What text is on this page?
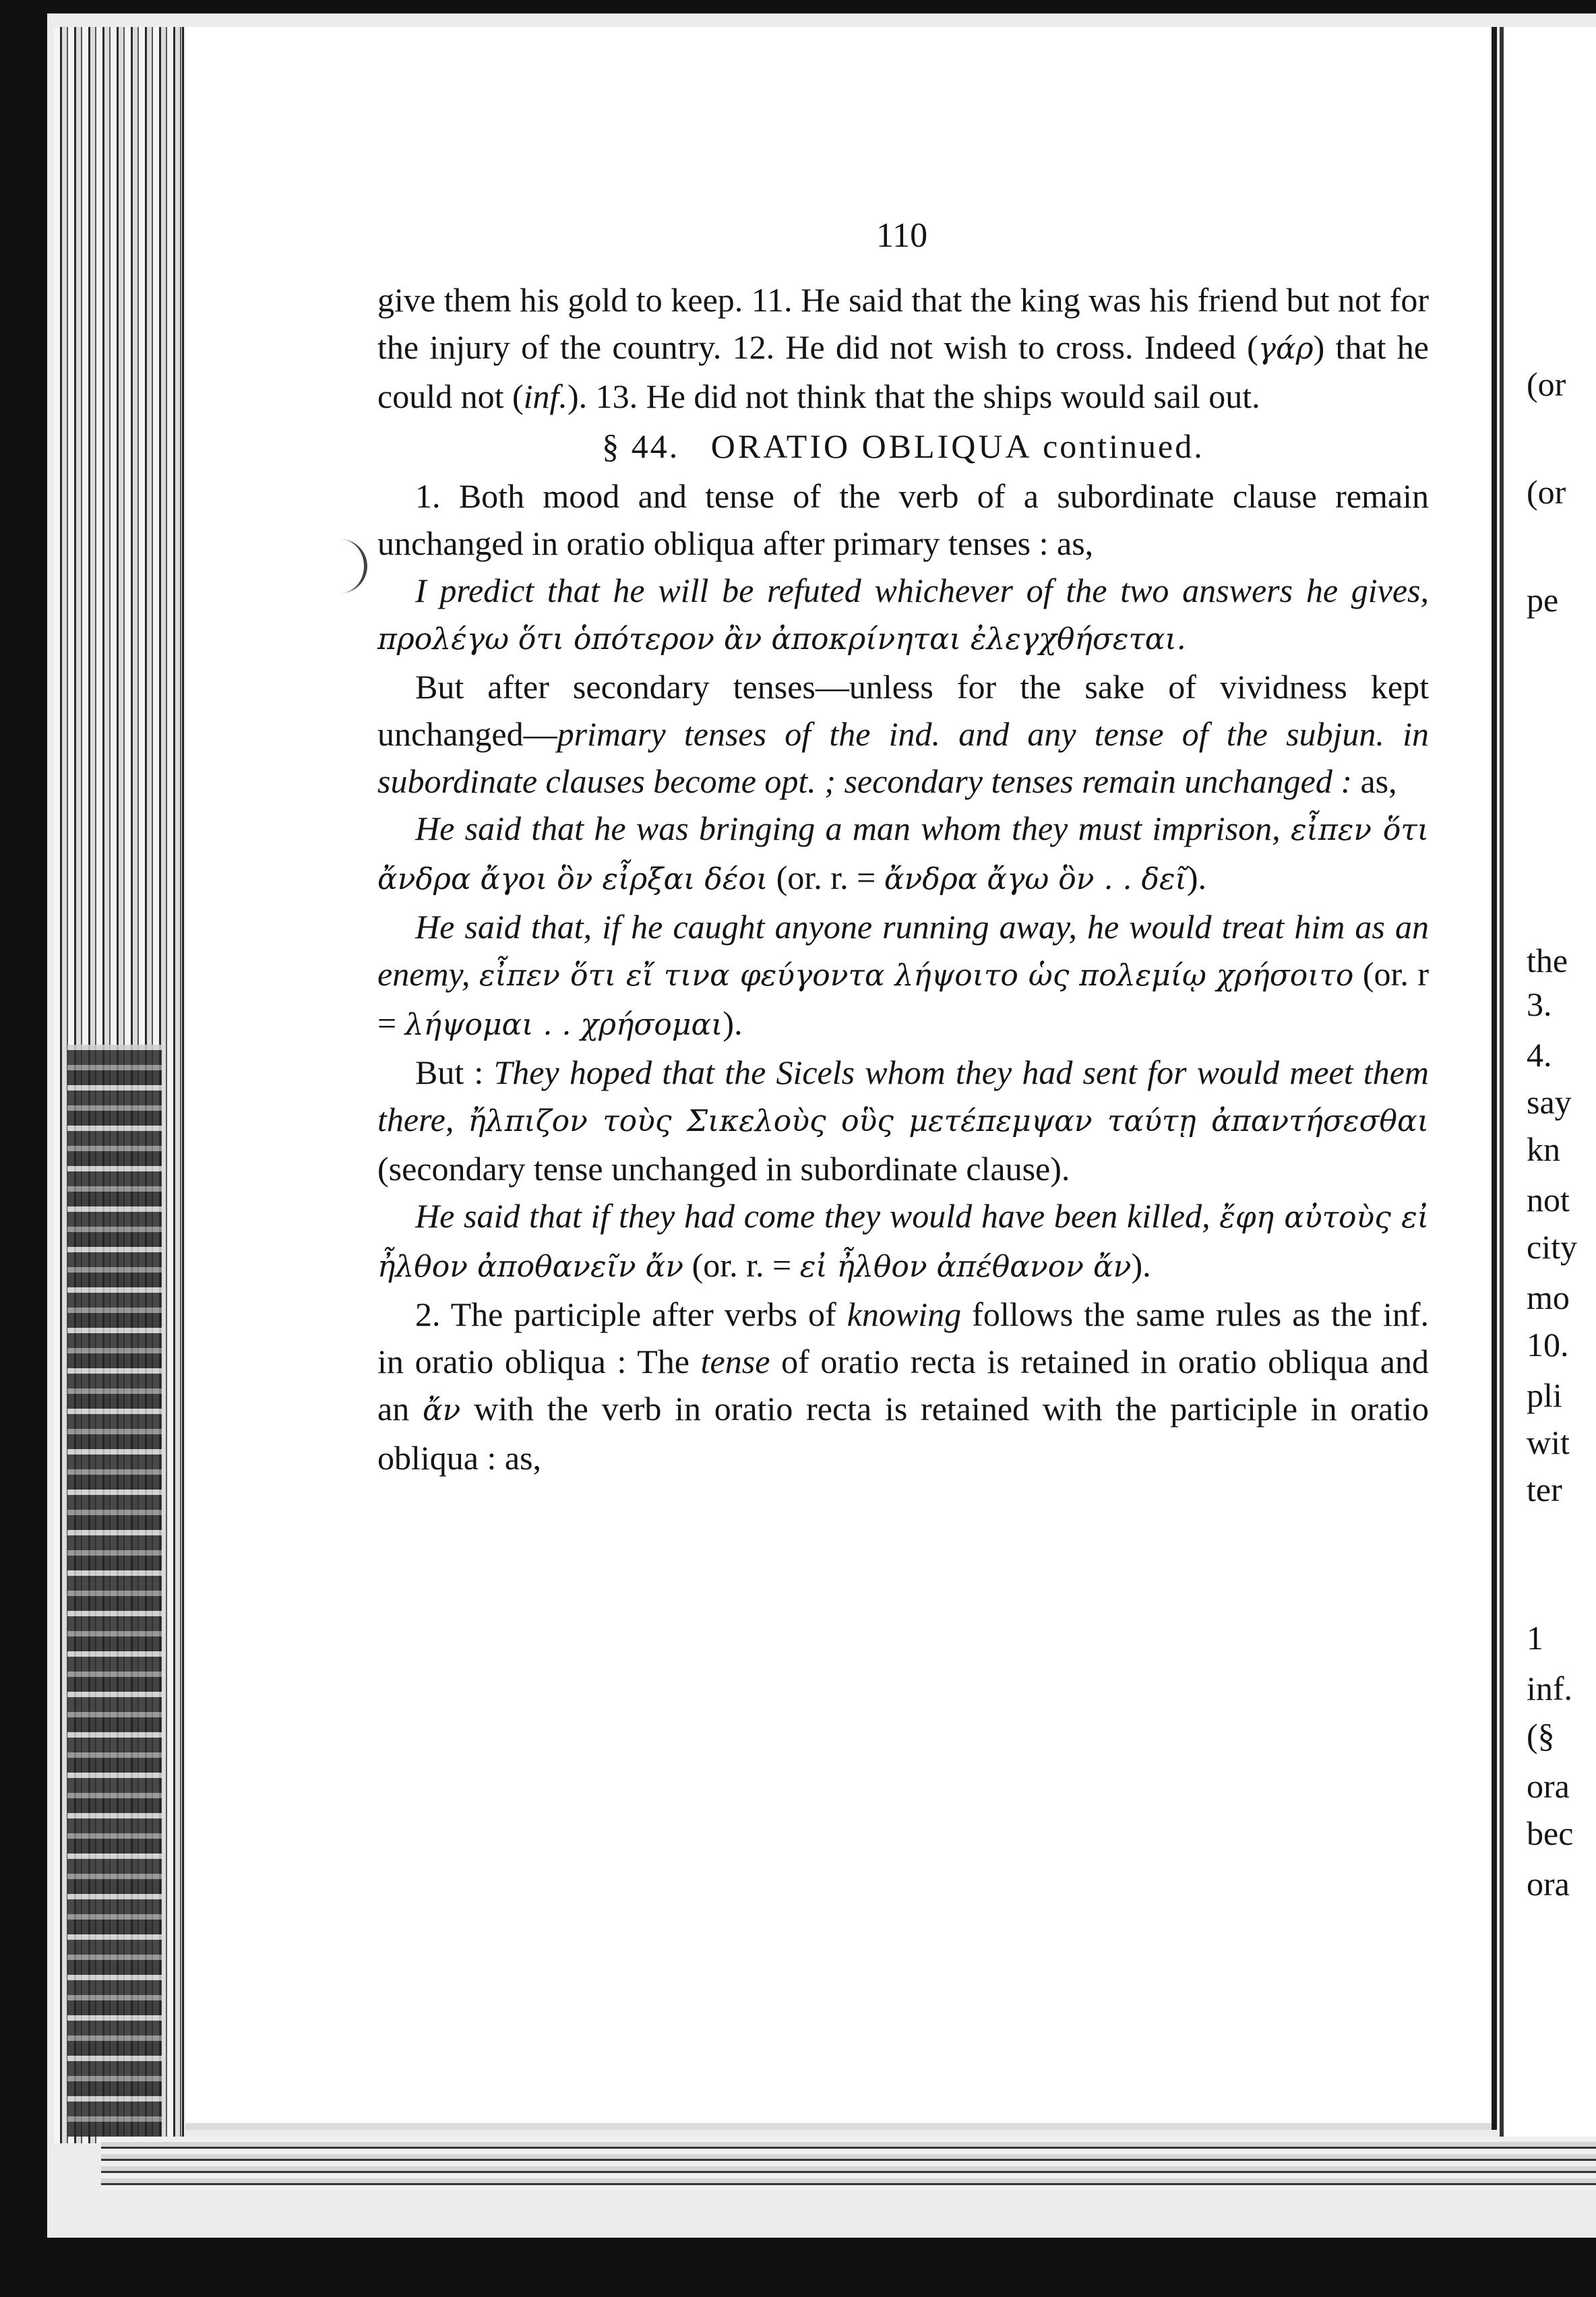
(or
(or
pe
the
3.
4.
say
kn
not
city
mo
10.
pli
wit
ter
1
inf.
(§
ora
bec
ora
110

give them his gold to keep. 11. He said that the king was his friend but not for the injury of the country. 12. He did not wish to cross. Indeed (γάρ) that he could not (inf.). 13. He did not think that the ships would sail out.

§ 44. ORATIO OBLIQUA continued.

1. Both mood and tense of the verb of a subordinate clause remain unchanged in oratio obliqua after primary tenses : as,

I predict that he will be refuted whichever of the two answers he gives, προλέγω ὅτι ὁπότερον ἂν ἀποκρίνηται ἐλεγχθήσεται.

But after secondary tenses—unless for the sake of vividness kept unchanged—primary tenses of the ind. and any tense of the subjun. in subordinate clauses become opt. ; secondary tenses remain unchanged : as,

He said that he was bringing a man whom they must imprison, εἶπεν ὅτι ἄνδρα ἄγοι ὃν εἶρξαι δέοι (or. r. = ἄνδρα ἄγω ὃν . . δεῖ).

He said that, if he caught anyone running away, he would treat him as an enemy, εἶπεν ὅτι εἴ τινα φεύγοντα λήψοιτο ὡς πολεμίῳ χρήσοιτο (or. r = λήψομαι . . χρήσομαι).

But : They hoped that the Sicels whom they had sent for would meet them there, ἤλπιζον τοὺς Σικελοὺς οὓς μετέπεμψαν ταύτῃ ἀπαντήσεσθαι (secondary tense unchanged in subordinate clause).

He said that if they had come they would have been killed, ἔφη αὐτοὺς εἰ ἦλθον ἀποθανεῖν ἄν (or. r. = εἰ ἦλθον ἀπέθανον ἄν).

2. The participle after verbs of knowing follows the same rules as the inf. in oratio obliqua : The tense of oratio recta is retained in oratio obliqua and an ἄν with the verb in oratio recta is retained with the participle in oratio obliqua : as,
